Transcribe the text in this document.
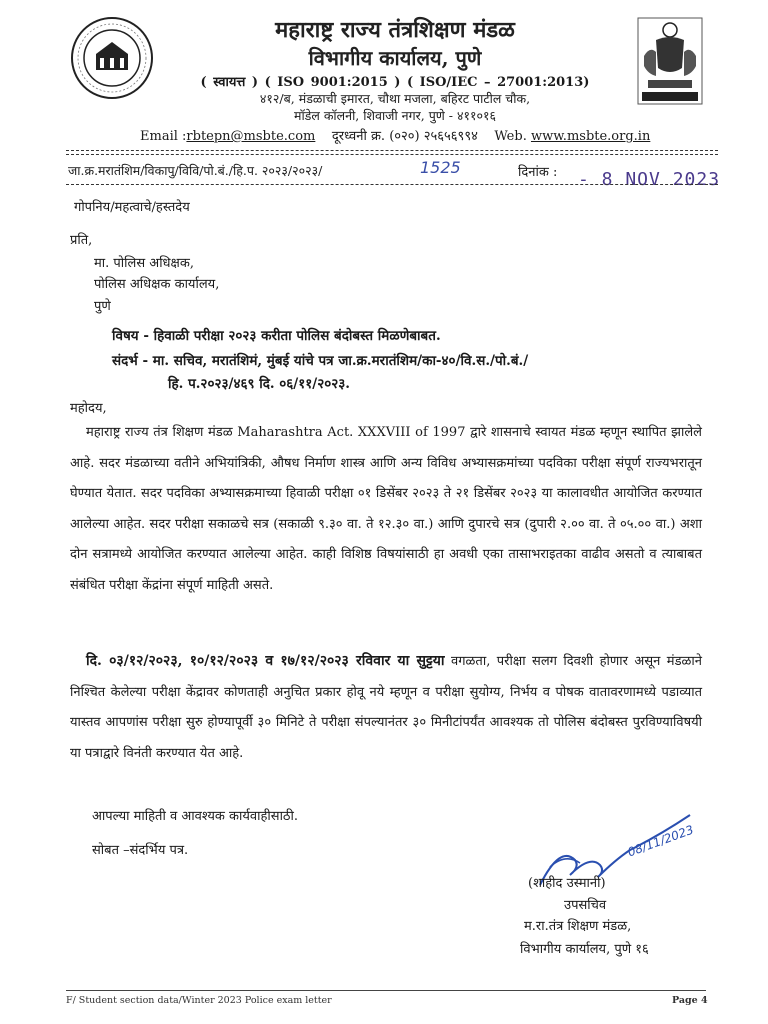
महाराष्ट्र राज्य तंत्रशिक्षण मंडळ
विभागीय कार्यालय, पुणे
( स्वायत्त ) ( ISO 9001:2015 ) ( ISO/IEC – 27001:2013)
४१२/ब, मंडळाची इमारत, चौथा मजला, बहिरट पाटील चौक,
मॉडेल कॉलनी, शिवाजी नगर, पुणे - ४११०१६
Email :rbtepn@msbte.com दूरध्वनी क्र. (०२०) २५६५६९९४ Web. www.msbte.org.in
जा.क्र.मरातंशिम/विकापु/विवि/पो.बं./हि.प. २०२३/२०२३/	1525	दिनांक : - 8 NOV 2023
गोपनिय/महत्वाचे/हस्तदेय
प्रति,
मा. पोलिस अधिक्षक,
पोलिस अधिक्षक कार्यालय,
पुणे
विषय - हिवाळी परीक्षा २०२३ करीता पोलिस बंदोबस्त मिळणेबाबत.
संदर्भ - मा. सचिव, मरातंशिमं, मुंबई यांचे पत्र जा.क्र.मरातंशिम/का-४०/वि.स./पो.बं./
हि. प.२०२३/४६९ दि. ०६/११/२०२३.
महोदय,
महाराष्ट्र राज्य तंत्र शिक्षण मंडळ Maharashtra Act. XXXVIII of 1997 द्वारे शासनाचे स्वायत मंडळ म्हणून स्थापित झालेले आहे. सदर मंडळाच्या वतीने अभियांत्रिकी, औषध निर्माण शास्त्र आणि अन्य विविध अभ्यासक्रमांच्या पदविका परीक्षा संपूर्ण राज्यभरातून घेण्यात येतात. सदर पदविका अभ्यासक्रमाच्या हिवाळी परीक्षा ०१ डिसेंबर २०२३ ते २१ डिसेंबर २०२३ या कालावधीत आयोजित करण्यात आलेल्या आहेत. सदर परीक्षा सकाळचे सत्र (सकाळी ९.३० वा. ते १२.३० वा.) आणि दुपारचे सत्र (दुपारी २.०० वा. ते ०५.०० वा.) अशा दोन सत्रामध्ये आयोजित करण्यात आलेल्या आहेत. काही विशिष्ठ विषयांसाठी हा अवधी एका तासाभराइतका वाढीव असतो व त्याबाबत संबंधित परीक्षा केंद्रांना संपूर्ण माहिती असते.
दि. ०३/१२/२०२३, १०/१२/२०२३ व १७/१२/२०२३ रविवार या सुट्टया वगळता, परीक्षा सलग दिवशी होणार असून मंडळाने निश्चित केलेल्या परीक्षा केंद्रावर कोणताही अनुचित प्रकार होवू नये म्हणून व परीक्षा सुयोग्य, निर्भय व पोषक वातावरणामध्ये पडाव्यात यास्तव आपणांस परीक्षा सुरु होण्यापूर्वी ३० मिनिटे ते परीक्षा संपल्यानंतर ३० मिनीटांपर्यंत आवश्यक तो पोलिस बंदोबस्त पुरविण्याविषयी या पत्राद्वारे विनंती करण्यात येत आहे.
आपल्या माहिती व आवश्यक कार्यवाहीसाठी.
सोबत –संदर्भिय पत्र.	08/11/2023
(शाहीद उस्मानी)
उपसचिव
म.रा.तंत्र शिक्षण मंडळ,
विभागीय कार्यालय, पुणे १६
F/ Student section data/Winter 2023 Police exam letter	Page 4
